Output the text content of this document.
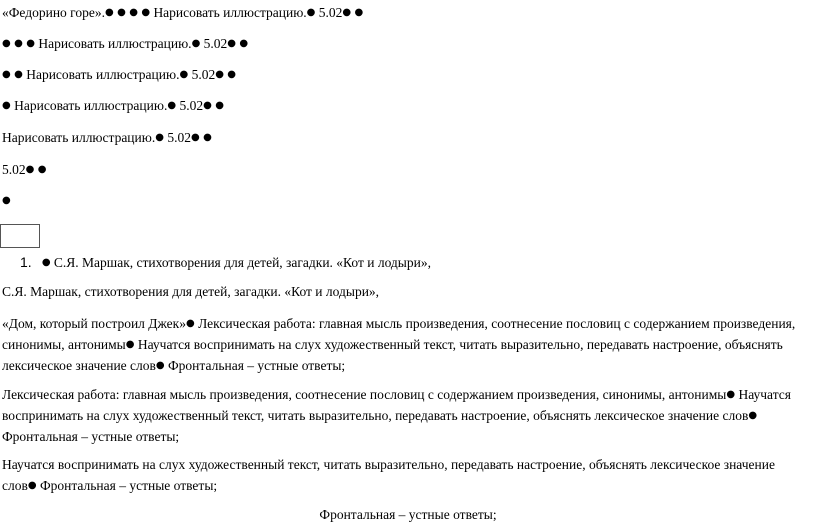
«Федорино горе».● ● ● ● Нарисовать иллюстрацию.● 5.02● ●
● ● ● Нарисовать иллюстрацию.● 5.02● ●
● ● Нарисовать иллюстрацию.● 5.02● ●
● Нарисовать иллюстрацию.● 5.02● ●
Нарисовать иллюстрацию.● 5.02● ●
5.02● ●
●
1. ● С.Я. Маршак, стихотворения для детей, загадки. «Кот и лодыри»,
С.Я. Маршак, стихотворения для детей, загадки. «Кот и лодыри»,
«Дом, который построил Джек»● Лексическая работа: главная мысль произведения, соотнесение пословиц с содержанием произведения, синонимы, антонимы● Научатся воспринимать на слух художественный текст, читать выразительно, передавать настроение, объяснять лексическое значение слов● Фронтальная – устные ответы;
Лексическая работа: главная мысль произведения, соотнесение пословиц с содержанием произведения, синонимы, антонимы● Научатся воспринимать на слух художественный текст, читать выразительно, передавать настроение, объяснять лексическое значение слов● Фронтальная – устные ответы;
Научатся воспринимать на слух художественный текст, читать выразительно, передавать настроение, объяснять лексическое значение слов● Фронтальная – устные ответы;
Фронтальная – устные ответы;
